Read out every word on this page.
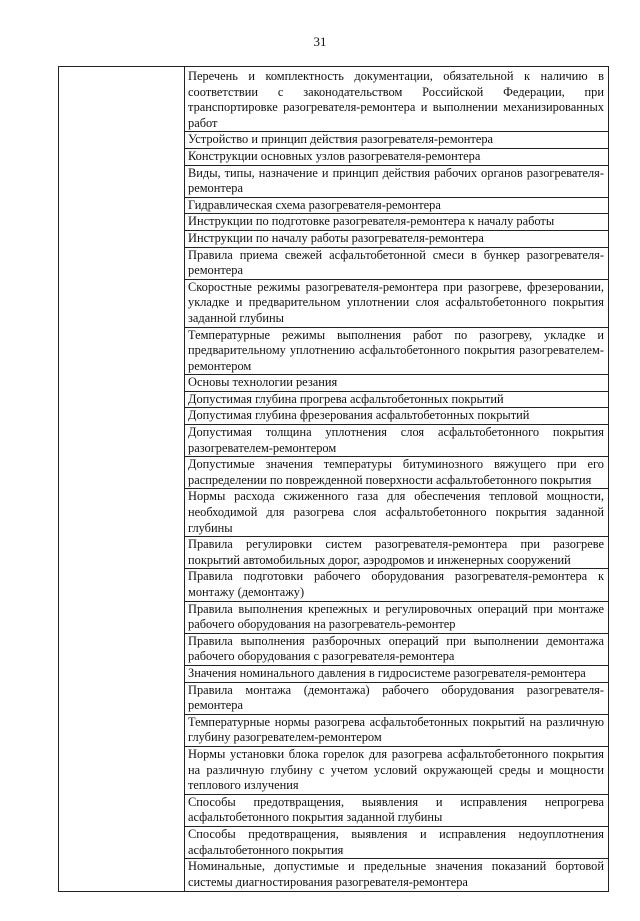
31

Перечень и комплектность документации, обязательной к наличию в соответствии с законодательством Российской Федерации, при транспортировке разогревателя-ремонтера и выполнении механизированных работ
Устройство и принцип действия разогревателя-ремонтера
Конструкции основных узлов разогревателя-ремонтера
Виды, типы, назначение и принцип действия рабочих органов разогревателя-ремонтера
Гидравлическая схема разогревателя-ремонтера
Инструкции по подготовке разогревателя-ремонтера к началу работы
Инструкции по началу работы разогревателя-ремонтера
Правила приема свежей асфальтобетонной смеси в бункер разогревателя-ремонтера
Скоростные режимы разогревателя-ремонтера при разогреве, фрезеровании, укладке и предварительном уплотнении слоя асфальтобетонного покрытия заданной глубины
Температурные режимы выполнения работ по разогреву, укладке и предварительному уплотнению асфальтобетонного покрытия разогревателем-ремонтером
Основы технологии резания
Допустимая глубина прогрева асфальтобетонных покрытий
Допустимая глубина фрезерования асфальтобетонных покрытий
Допустимая толщина уплотнения слоя асфальтобетонного покрытия разогревателем-ремонтером
Допустимые значения температуры битуминозного вяжущего при его распределении по поврежденной поверхности асфальтобетонного покрытия
Нормы расхода сжиженного газа для обеспечения тепловой мощности, необходимой для разогрева слоя асфальтобетонного покрытия заданной глубины
Правила регулировки систем разогревателя-ремонтера при разогреве покрытий автомобильных дорог, аэродромов и инженерных сооружений
Правила подготовки рабочего оборудования разогревателя-ремонтера к монтажу (демонтажу)
Правила выполнения крепежных и регулировочных операций при монтаже рабочего оборудования на разогреватель-ремонтер
Правила выполнения разборочных операций при выполнении демонтажа рабочего оборудования с разогревателя-ремонтера
Значения номинального давления в гидросистеме разогревателя-ремонтера
Правила монтажа (демонтажа) рабочего оборудования разогревателя-ремонтера
Температурные нормы разогрева асфальтобетонных покрытий на различную глубину разогревателем-ремонтером
Нормы установки блока горелок для разогрева асфальтобетонного покрытия на различную глубину с учетом условий окружающей среды и мощности теплового излучения
Способы предотвращения, выявления и исправления непрогрева асфальтобетонного покрытия заданной глубины
Способы предотвращения, выявления и исправления недоуплотнения асфальтобетонного покрытия
Номинальные, допустимые и предельные значения показаний бортовой системы диагностирования разогревателя-ремонтера
